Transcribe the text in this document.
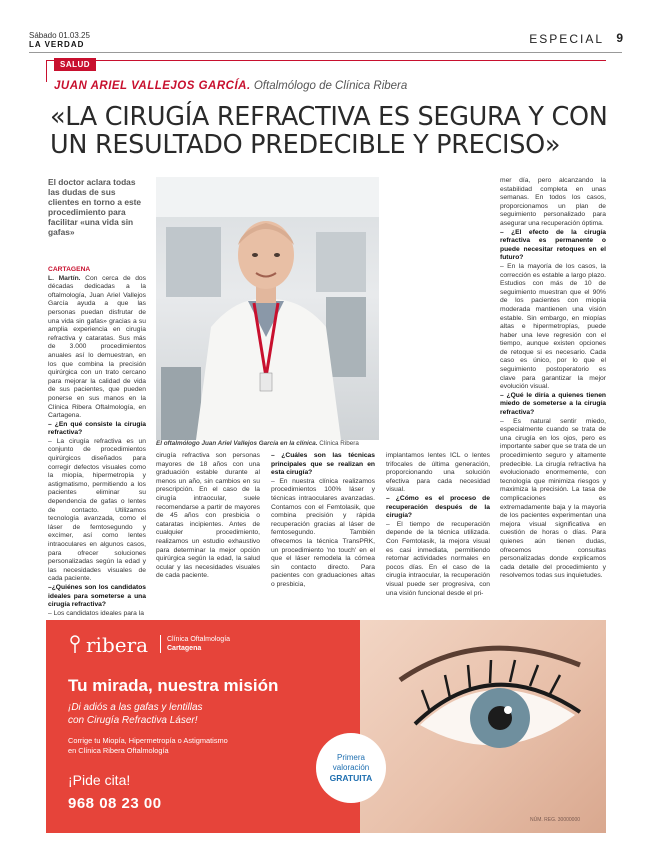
Sábado 01.03.25
LA VERDAD	ESPECIAL 9
SALUD
JUAN ARIEL VALLEJOS GARCÍA. Oftalmólogo de Clínica Ribera
«LA CIRUGÍA REFRACTIVA ES SEGURA Y CON UN RESULTADO PREDECIBLE Y PRECISO»
El doctor aclara todas las dudas de sus clientes en torno a este procedimiento para facilitar «una vida sin gafas»
El oftalmólogo Juan Ariel Vallejos García en la clínica. Clínica Ribera
CARTAGENA
L. Martín. Con cerca de dos décadas dedicadas a la oftalmología, Juan Ariel Vallejos García ayuda a que las personas puedan disfrutar de una vida sin gafas» gracias a su amplia experiencia en cirugía refractiva y cataratas. Sus más de 3.000 procedimientos anuales así lo demuestran, en los que combina la precisión quirúrgica con un trato cercano para mejorar la calidad de vida de sus pacientes, que pueden ponerse en sus manos en la Clínica Ribera Oftalmología, en Cartagena.
– ¿En qué consiste la cirugía refractiva?
– La cirugía refractiva es un conjunto de procedimientos quirúrgicos diseñados para corregir defectos visuales como la miopía, hipermetropía y astigmatismo, permitiendo a los pacientes eliminar su dependencia de gafas o lentes de contacto. Utilizamos tecnología avanzada, como el láser de femtosegundo y excímer, así como lentes intraoculares en algunos casos, para ofrecer soluciones personalizadas según la edad y las necesidades visuales de cada paciente.
–¿Quiénes son los candidatos ideales para someterse a una cirugía refractiva?
– Los candidatos ideales para la
cirugía refractiva son personas mayores de 18 años con una graduación estable durante al menos un año, sin cambios en su prescripción. En el caso de la cirugía intraocular, suele recomendarse a partir de mayores de 45 años con presbicia o cataratas incipientes. Antes de cualquier procedimiento, realizamos un estudio exhaustivo para determinar la mejor opción quirúrgica según la edad, la salud ocular y las necesidades visuales de cada paciente.
– ¿Cuáles son las técnicas principales que se realizan en esta cirugía?
– En nuestra clínica realizamos procedimientos 100% láser y técnicas intraoculares avanzadas. Contamos con el Femtolasik, que combina precisión y rápida recuperación gracias al láser de femtosegundo. También ofrecemos la técnica TransPRK, un procedimiento 'no touch' en el que el láser remodela la córnea sin contacto directo. Para pacientes con graduaciones altas o presbicia,
implantamos lentes ICL o lentes trifocales de última generación, proporcionando una solución efectiva para cada necesidad visual.
– ¿Cómo es el proceso de recuperación después de la cirugía?
– El tiempo de recuperación depende de la técnica utilizada. Con Femtolasik, la mejora visual es casi inmediata, permitiendo retomar actividades normales en pocos días. En el caso de la cirugía intraocular, la recuperación visual puede ser progresiva, con una visión funcional desde el pri-
mer día, pero alcanzando la estabilidad completa en unas semanas. En todos los casos, proporcionamos un plan de seguimiento personalizado para asegurar una recuperación óptima.
– ¿El efecto de la cirugía refractiva es permanente o puede necesitar retoques en el futuro?
– En la mayoría de los casos, la corrección es estable a largo plazo. Estudios con más de 10 de seguimiento muestran que el 90% de los pacientes con miopía moderada mantienen una visión estable. Sin embargo, en miopías altas e hipermetropías, puede haber una leve regresión con el tiempo, aunque existen opciones de retoque si es necesario. Cada caso es único, por lo que el seguimiento postoperatorio es clave para garantizar la mejor evolución visual.
– ¿Qué le diría a quienes tienen miedo de someterse a la cirugía refractiva?
– Es natural sentir miedo, especialmente cuando se trata de una cirugía en los ojos, pero es importante saber que se trata de un procedimiento seguro y altamente predecible. La cirugía refractiva ha evolucionado enormemente, con tecnología que minimiza riesgos y maximiza la precisión. La tasa de complicaciones es extremadamente baja y la mayoría de los pacientes experimentan una mejora visual significativa en cuestión de horas o días. Para quienes aún tienen dudas, ofrecemos consultas personalizadas donde explicamos cada detalle del procedimiento y resolvemos todas sus inquietudes.
ribera	Clínica Oftalmología
Cartagena
Tu mirada, nuestra misión
¡Di adiós a las gafas y lentillas
con Cirugía Refractiva Láser!
Corrige tu Miopía, Hipermetropía o Astigmatismo
en Clínica Ribera Oftalmología
¡Pide cita!
968 08 23 00
Primera
valoración
GRATUITA
NÚM. REG. 30000000
